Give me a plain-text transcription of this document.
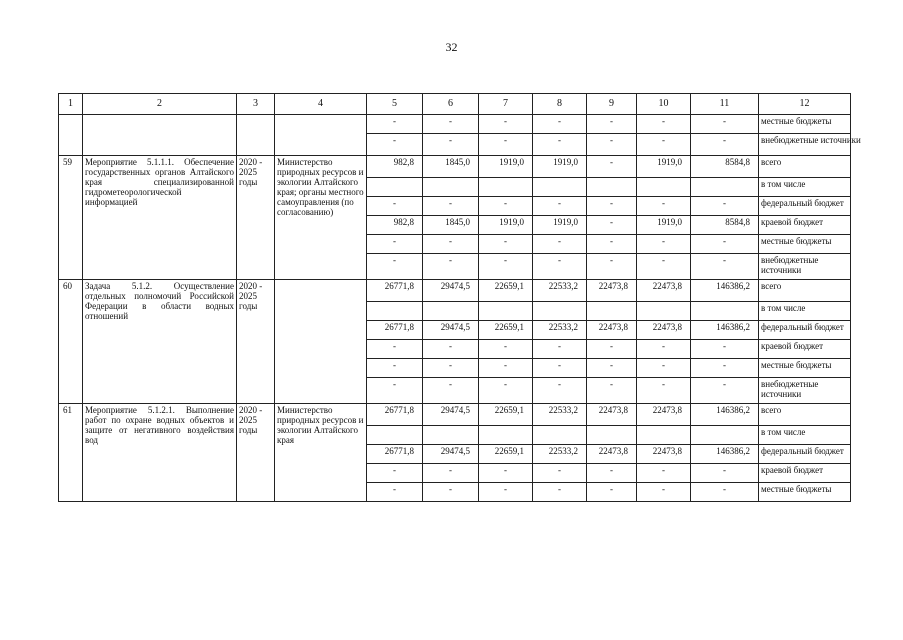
32
1	2	3	4	5	6	7	8	9	10	11	12
				-	-	-	-	-	-	-	местные бюджеты
				-	-	-	-	-	-	-	внебюджетные источники
59	Мероприятие 5.1.1.1. Обеспечение государственных органов Алтайского края специализированной гидрометеорологической информацией	2020 - 2025 годы	Министерство природных ресурсов и экологии Алтайского края; органы местного самоуправления (по согласованию)	982,8	1845,0	1919,0	1919,0	-	1919,0	8584,8	всего
											в том числе
				-	-	-	-	-	-	-	федеральный бюджет
				982,8	1845,0	1919,0	1919,0	-	1919,0	8584,8	краевой бюджет
				-	-	-	-	-	-	-	местные бюджеты
				-	-	-	-	-	-	-	внебюджетные источники
60	Задача 5.1.2. Осуществление отдельных полномочий Российской Федерации в области водных отношений	2020 - 2025 годы		26771,8	29474,5	22659,1	22533,2	22473,8	22473,8	146386,2	всего
											в том числе
				26771,8	29474,5	22659,1	22533,2	22473,8	22473,8	146386,2	федеральный бюджет
				-	-	-	-	-	-	-	краевой бюджет
				-	-	-	-	-	-	-	местные бюджеты
				-	-	-	-	-	-	-	внебюджетные источники
61	Мероприятие 5.1.2.1. Выполнение работ по охране водных объектов и защите от негативного воздействия вод	2020 - 2025 годы	Министерство природных ресурсов и экологии Алтайского края	26771,8	29474,5	22659,1	22533,2	22473,8	22473,8	146386,2	всего
											в том числе
				26771,8	29474,5	22659,1	22533,2	22473,8	22473,8	146386,2	федеральный бюджет
				-	-	-	-	-	-	-	краевой бюджет
				-	-	-	-	-	-	-	местные бюджеты
